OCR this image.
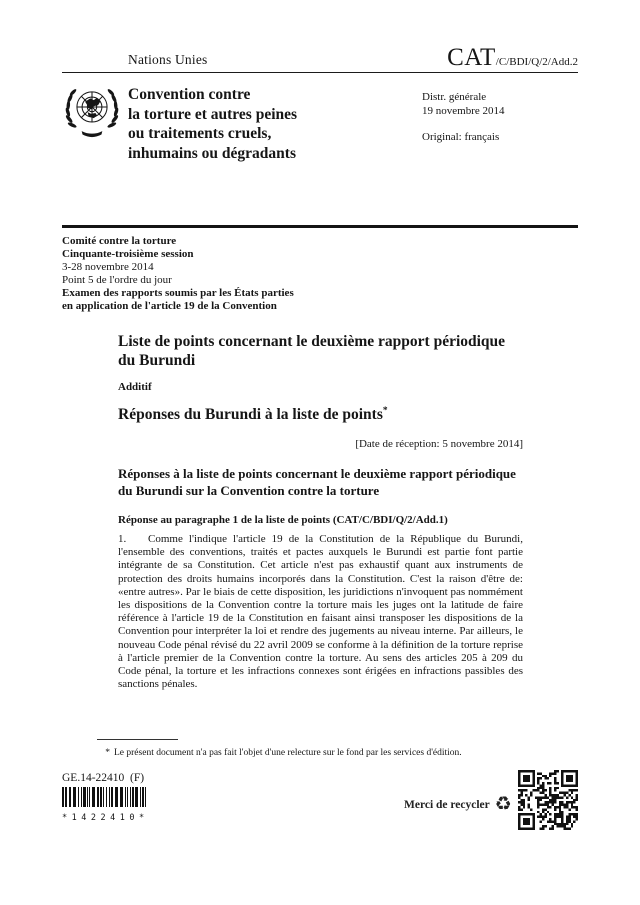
Nations Unies	CAT /C/BDI/Q/2/Add.2
Convention contre
la torture et autres peines
ou traitements cruels,
inhumains ou dégradants
Distr. générale
19 novembre 2014
Original: français
Comité contre la torture
Cinquante-troisième session
3-28 novembre 2014
Point 5 de l'ordre du jour
Examen des rapports soumis par les États parties
en application de l'article 19 de la Convention
Liste de points concernant le deuxième rapport périodique
du Burundi
Additif
Réponses du Burundi à la liste de points*
[Date de réception: 5 novembre 2014]
Réponses à la liste de points concernant le deuxième rapport périodique
du Burundi sur la Convention contre la torture
Réponse au paragraphe 1 de la liste de points (CAT/C/BDI/Q/2/Add.1)
1. Comme l'indique l'article 19 de la Constitution de la République du Burundi, l'ensemble des conventions, traités et pactes auxquels le Burundi est partie font partie intégrante de sa Constitution. Cet article n'est pas exhaustif quant aux instruments de protection des droits humains incorporés dans la Constitution. C'est la raison d'être de: «entre autres». Par le biais de cette disposition, les juridictions n'invoquent pas nommément les dispositions de la Convention contre la torture mais les juges ont la latitude de faire référence à l'article 19 de la Constitution en faisant ainsi transposer les dispositions de la Convention pour interpréter la loi et rendre des jugements au niveau interne. Par ailleurs, le nouveau Code pénal révisé du 22 avril 2009 se conforme à la définition de la torture reprise à l'article premier de la Convention contre la torture. Au sens des articles 205 à 209 du Code pénal, la torture et les infractions connexes sont érigées en infractions passibles des sanctions pénales.
* Le présent document n'a pas fait l'objet d'une relecture sur le fond par les services d'édition.
GE.14-22410  (F)
*1422410*
Merci de recycler ♻
